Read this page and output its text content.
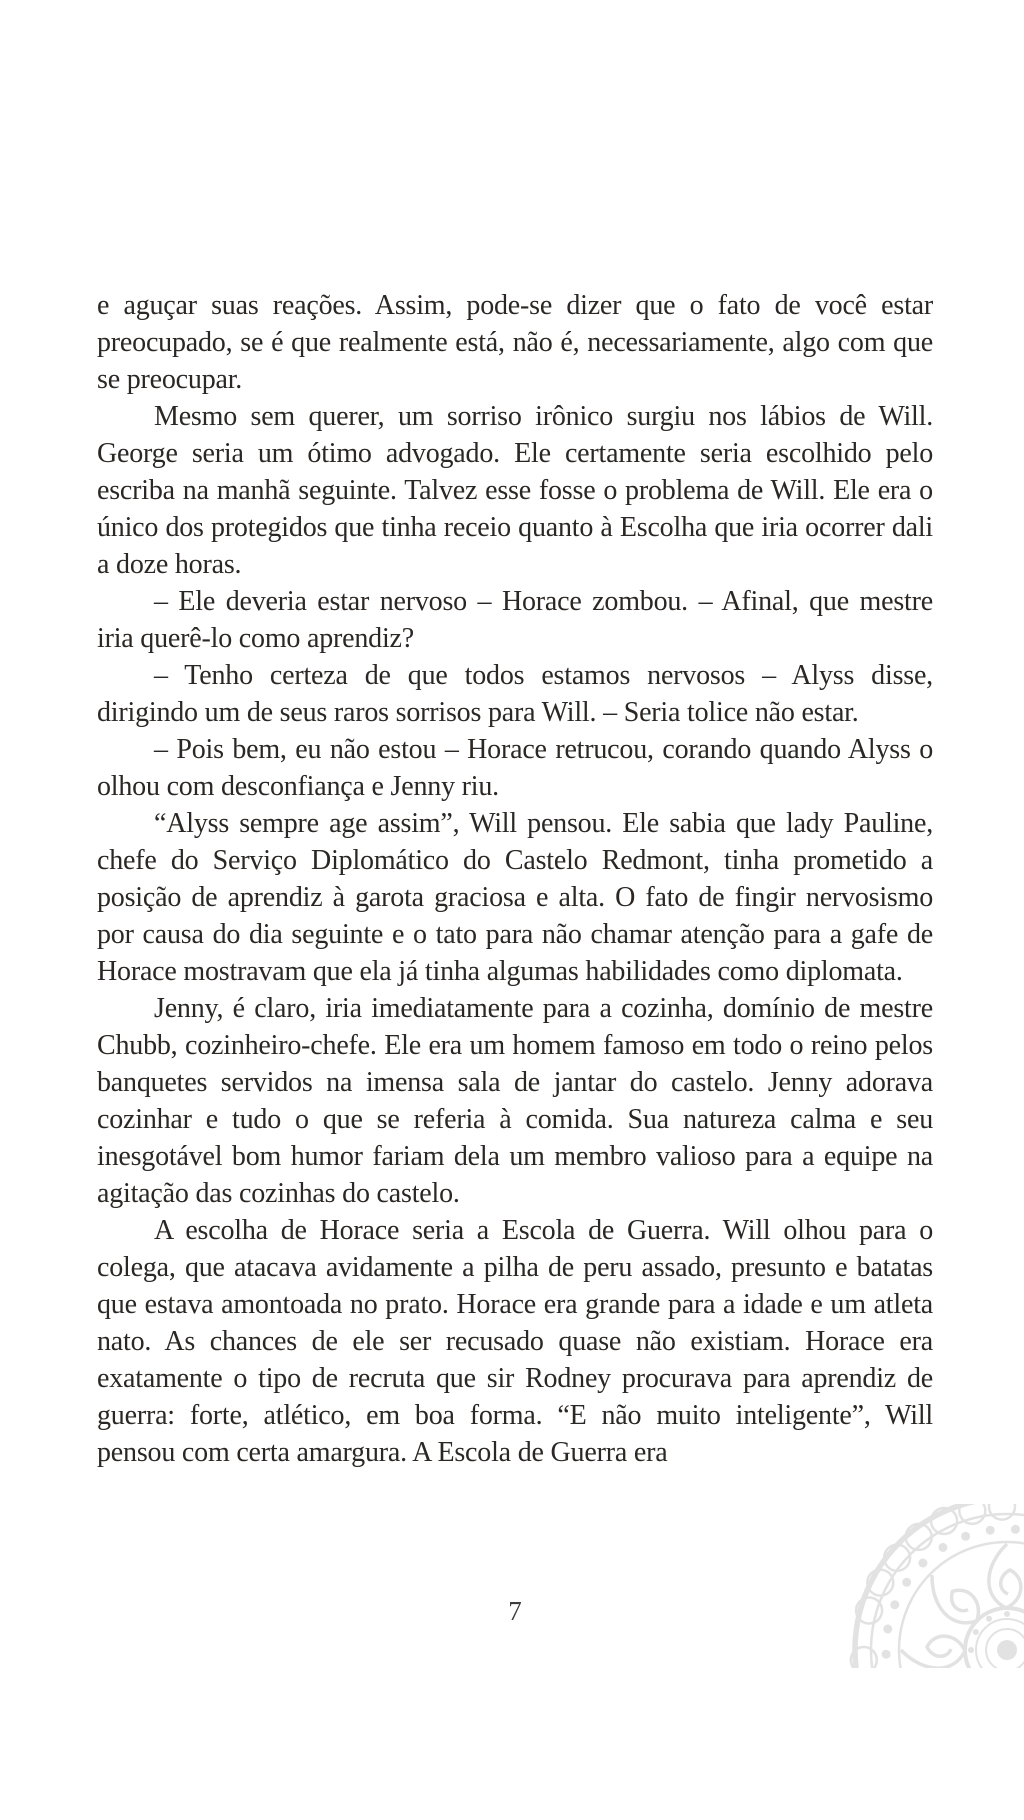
e aguçar suas reações. Assim, pode-se dizer que o fato de você estar preocupado, se é que realmente está, não é, necessariamente, algo com que se preocupar.

Mesmo sem querer, um sorriso irônico surgiu nos lábios de Will. George seria um ótimo advogado. Ele certamente seria escolhido pelo escriba na manhã seguinte. Talvez esse fosse o problema de Will. Ele era o único dos protegidos que tinha receio quanto à Escolha que iria ocorrer dali a doze horas.

– Ele deveria estar nervoso – Horace zombou. – Afinal, que mestre iria querê-lo como aprendiz?

– Tenho certeza de que todos estamos nervosos – Alyss disse, dirigindo um de seus raros sorrisos para Will. – Seria tolice não estar.

– Pois bem, eu não estou – Horace retrucou, corando quando Alyss o olhou com desconfiança e Jenny riu.

“Alyss sempre age assim”, Will pensou. Ele sabia que lady Pauline, chefe do Serviço Diplomático do Castelo Redmont, tinha prometido a posição de aprendiz à garota graciosa e alta. O fato de fingir nervosismo por causa do dia seguinte e o tato para não chamar atenção para a gafe de Horace mostravam que ela já tinha algumas habilidades como diplomata.

Jenny, é claro, iria imediatamente para a cozinha, domínio de mestre Chubb, cozinheiro-chefe. Ele era um homem famoso em todo o reino pelos banquetes servidos na imensa sala de jantar do castelo. Jenny adorava cozinhar e tudo o que se referia à comida. Sua natureza calma e seu inesgotável bom humor fariam dela um membro valioso para a equipe na agitação das cozinhas do castelo.

A escolha de Horace seria a Escola de Guerra. Will olhou para o colega, que atacava avidamente a pilha de peru assado, presunto e batatas que estava amontoada no prato. Horace era grande para a idade e um atleta nato. As chances de ele ser recusado quase não existiam. Horace era exatamente o tipo de recruta que sir Rodney procurava para aprendiz de guerra: forte, atlético, em boa forma. “E não muito inteligente”, Will pensou com certa amargura. A Escola de Guerra era

7
